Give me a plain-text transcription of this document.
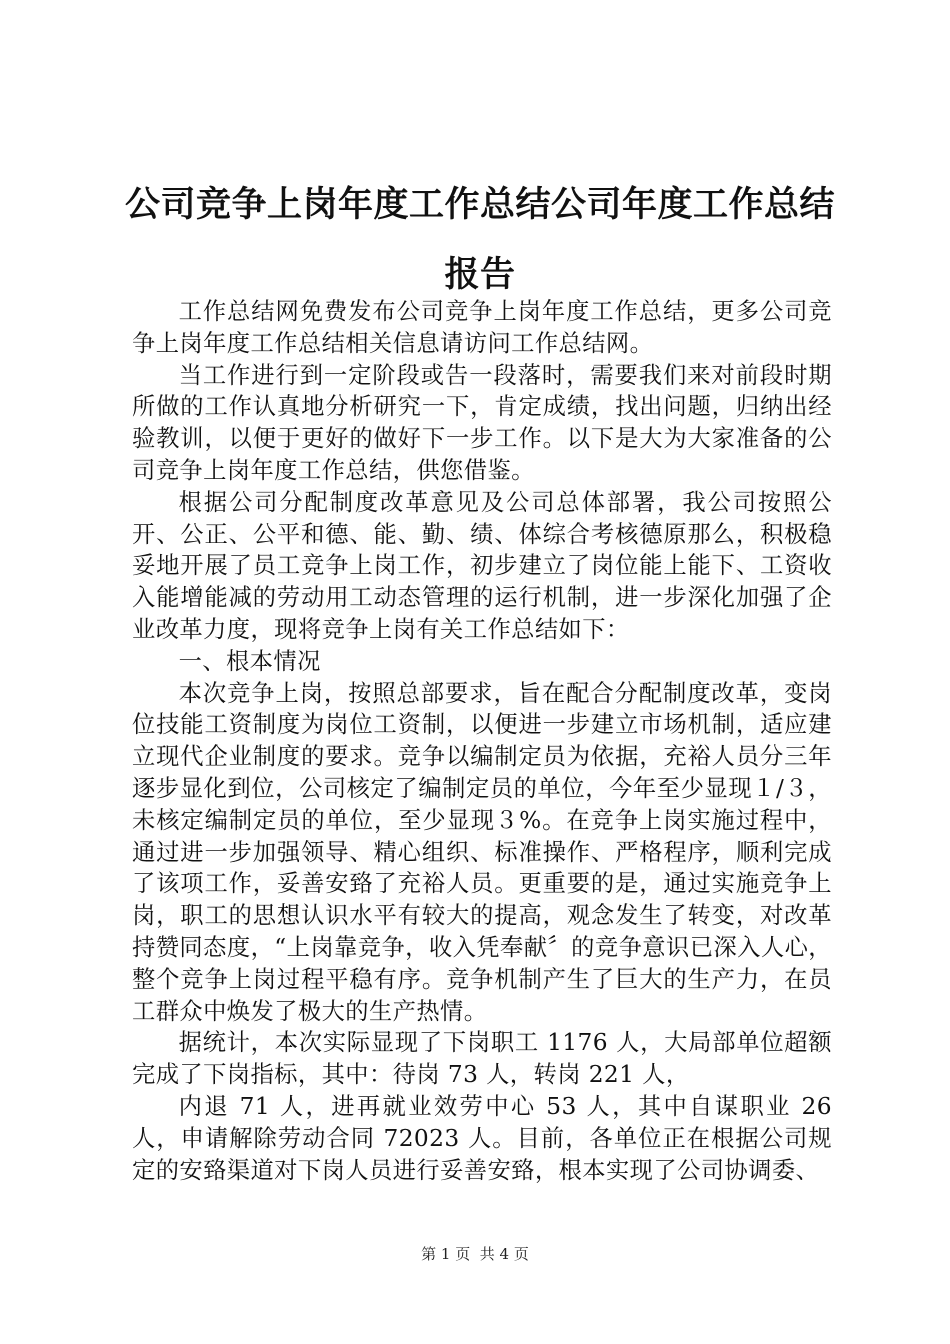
公司竞争上岗年度工作总结公司年度工作总结报告

工作总结网免费发布公司竞争上岗年度工作总结，更多公司竞争上岗年度工作总结相关信息请访问工作总结网。

当工作进行到一定阶段或告一段落时，需要我们来对前段时期所做的工作认真地分析研究一下，肯定成绩，找出问题，归纳出经验教训，以便于更好的做好下一步工作。以下是大为大家准备的公司竞争上岗年度工作总结，供您借鉴。

根据公司分配制度改革意见及公司总体部署，我公司按照公开、公正、公平和德、能、勤、绩、体综合考核德原那么，积极稳妥地开展了员工竞争上岗工作，初步建立了岗位能上能下、工资收入能增能减的劳动用工动态管理的运行机制，进一步深化加强了企业改革力度，现将竞争上岗有关工作总结如下：

一、根本情况

本次竞争上岗，按照总部要求，旨在配合分配制度改革，变岗位技能工资制度为岗位工资制，以便进一步建立市场机制，适应建立现代企业制度的要求。竞争以编制定员为依据，充裕人员分三年逐步显化到位，公司核定了编制定员的单位，今年至少显现１/３，未核定编制定员的单位，至少显现３%。在竞争上岗实施过程中，通过进一步加强领导、精心组织、标准操作、严格程序，顺利完成了该项工作，妥善安臵了充裕人员。更重要的是，通过实施竞争上岗，职工的思想认识水平有较大的提高，观念发生了转变，对改革持赞同态度，“上岗靠竞争，收入凭奉献〞的竞争意识已深入人心，整个竞争上岗过程平稳有序。竞争机制产生了巨大的生产力，在员工群众中焕发了极大的生产热情。

据统计，本次实际显现了下岗职工 1176 人，大局部单位超额完成了下岗指标，其中：待岗 73 人，转岗 221 人，

内退 71 人，进再就业效劳中心 53 人，其中自谋职业 26 人，申请解除劳动合同 72023 人。目前，各单位正在根据公司规定的安臵渠道对下岗人员进行妥善安臵，根本实现了公司协调委、

第 1 页 共 4 页
